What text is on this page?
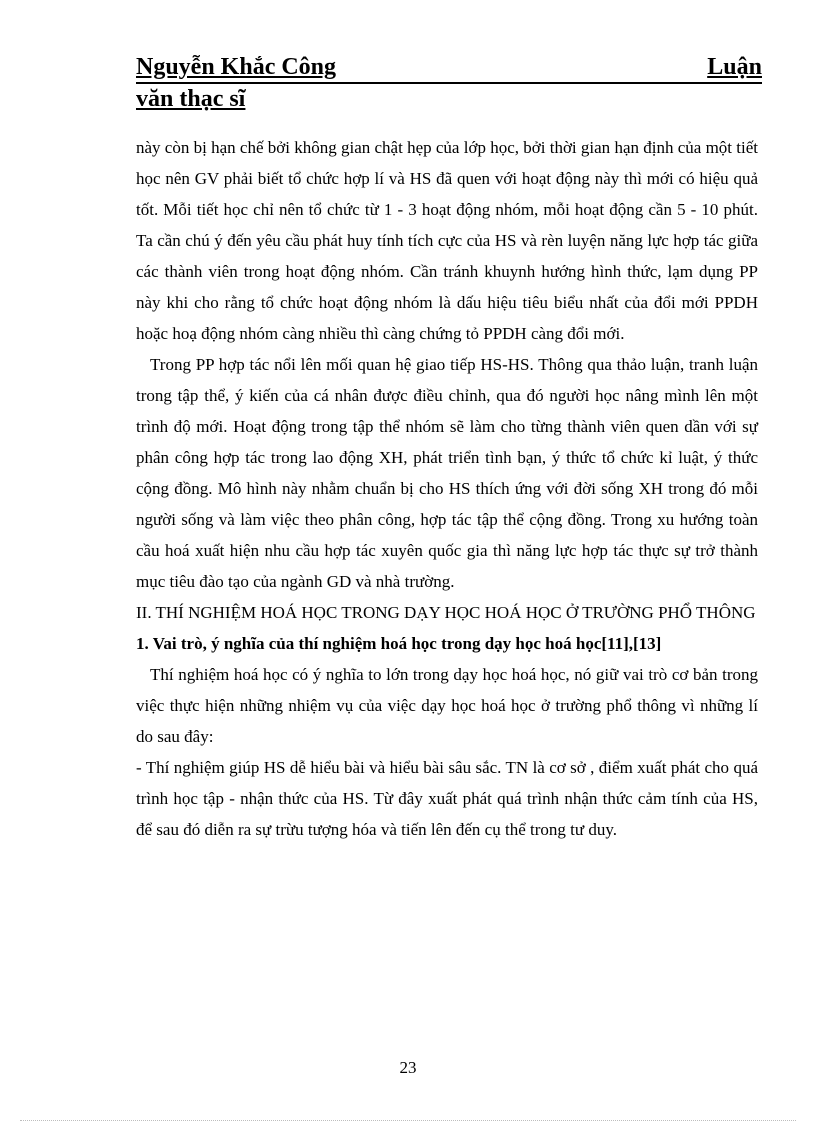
Nguyễn Khắc Công	Luận
văn thạc sĩ

này còn bị hạn chế bởi không gian chật hẹp của lớp học, bởi thời gian hạn định của một tiết học nên GV phải biết tổ chức hợp lí và HS đã quen với hoạt động này thì mới có hiệu quả tốt. Mỗi tiết học chỉ nên tổ chức từ 1 - 3 hoạt động nhóm, mỗi hoạt động cần 5 - 10 phút. Ta cần chú ý đến yêu cầu phát huy tính tích cực của HS và rèn luyện năng lực hợp tác giữa các thành viên trong hoạt động nhóm. Cần tránh khuynh hướng hình thức, lạm dụng PP này khi cho rằng tổ chức hoạt động nhóm là dấu hiệu tiêu biểu nhất của đổi mới PPDH hoặc hoạ động nhóm càng nhiều thì càng chứng tỏ PPDH càng đổi mới.

Trong PP hợp tác nổi lên mối quan hệ giao tiếp HS-HS. Thông qua thảo luận, tranh luận trong tập thể, ý kiến của cá nhân được điều chỉnh, qua đó người học nâng mình lên một trình độ mới. Hoạt động trong tập thể nhóm sẽ làm cho từng thành viên quen dần với sự phân công hợp tác trong lao động XH, phát triển tình bạn, ý thức tổ chức kỉ luật, ý thức cộng đồng. Mô hình này nhằm chuẩn bị cho HS thích ứng với đời sống XH trong đó mỗi người sống và làm việc theo phân công, hợp tác tập thể cộng đồng. Trong xu hướng toàn cầu hoá xuất hiện nhu cầu hợp tác xuyên quốc gia thì năng lực hợp tác thực sự trở thành mục tiêu đào tạo của ngành GD và nhà trường.

II. THÍ NGHIỆM HOÁ HỌC TRONG DẠY HỌC HOÁ HỌC Ở TRƯỜNG PHỔ THÔNG

1. Vai trò, ý nghĩa của thí nghiệm hoá học trong dạy học hoá học[11],[13]

Thí nghiệm hoá học có ý nghĩa to lớn trong dạy học hoá học, nó giữ vai trò cơ bản trong việc thực hiện những nhiệm vụ của việc dạy học hoá học ở trường phổ thông vì những lí do sau đây:

- Thí nghiệm giúp HS dễ hiểu bài và hiểu bài sâu sắc. TN là cơ sở , điểm xuất phát cho quá trình học tập - nhận thức của HS. Từ đây xuất phát quá trình nhận thức cảm tính của HS, để sau đó diễn ra sự trừu tượng hóa và tiến lên đến cụ thể trong tư duy.

23
